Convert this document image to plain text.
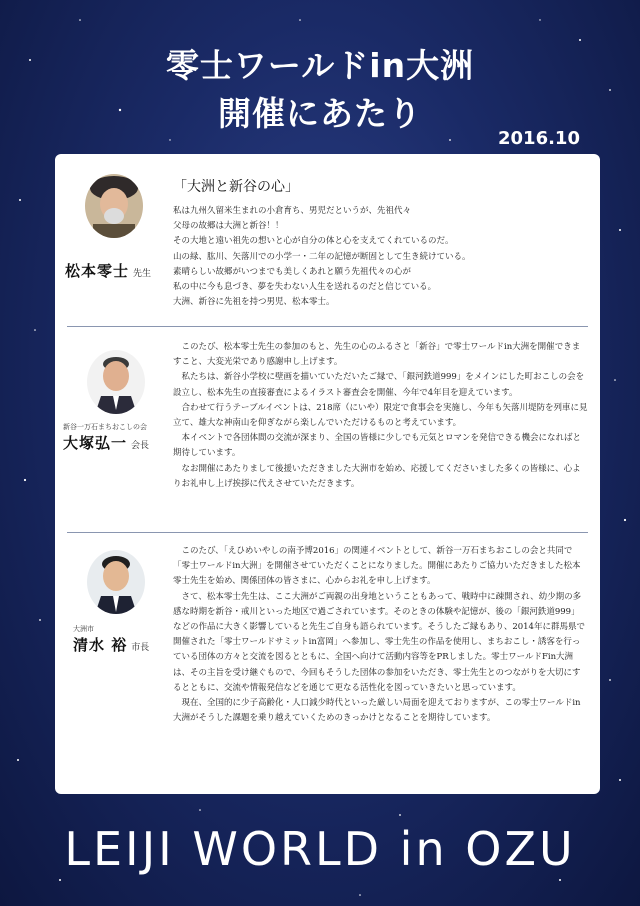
零士ワールドin大洲
開催にあたり
2016.10
松本零士 先生
「大洲と新谷の心」

私は九州久留米生まれの小倉育ち、男児だというが、先祖代々

父母の故郷は大洲と新谷！！

その大地と遠い祖先の想いと心が自分の体と心を支えてくれているのだ。

山の緑、肱川、矢落川での小学一・二年の記憶が断固として生き続けている。

素晴らしい故郷がいつまでも美しくあれと願う先祖代々の心が

私の中に今も息づき、夢を失わない人生を送れるのだと信じている。

大洲、新谷に先祖を持つ男児、松本零士。

新谷一万石まちおこしの会
大塚弘一 会長

　このたび、松本零士先生の参加のもと、先生の心のふるさと「新谷」で零士ワールドin大洲を開催できますこと、大変光栄であり感謝申し上げます。

　私たちは、新谷小学校に壁画を描いていただいたご縁で、「銀河鉄道999」をメインにした町おこしの会を設立し、松本先生の直接審査によるイラスト審査会を開催、今年で4年目を迎えています。

　合わせて行うテーブルイベントは、218席（にいや）限定で食事会を実施し、今年も矢落川堤防を列車に見立て、雄大な神南山を仰ぎながら楽しんでいただけるものと考えています。

　本イベントで各団体間の交流が深まり、全国の皆様に少しでも元気とロマンを発信できる機会になればと期待しています。

　なお開催にあたりまして後援いただきました大洲市を始め、応援してくださいました多くの皆様に、心よりお礼申し上げ挨拶に代えさせていただきます。

大洲市
清水 裕 市長

　このたび、「えひめいやしの南予博2016」の関連イベントとして、新谷一万石まちおこしの会と共同で「零士ワールドin大洲」を開催させていただくことになりました。開催にあたりご協力いただきました松本零士先生を始め、関係団体の皆さまに、心からお礼を申し上げます。

　さて、松本零士先生は、ここ大洲がご両親の出身地ということもあって、戦時中に疎開され、幼少期の多感な時期を新谷・戒川といった地区で過ごされています。そのときの体験や記憶が、後の「銀河鉄道999」などの作品に大きく影響していると先生ご自身も語られています。そうしたご縁もあり、2014年に群馬県で開催された「零士ワールドサミットin富岡」へ参加し、零士先生の作品を使用し、まちおこし・誘客を行っている団体の方々と交流を図るとともに、全国へ向けて活動内容等をPRしました。零士ワールドFin大洲は、その主旨を受け継ぐもので、今回もそうした団体の参加をいただき、零士先生とのつながりを大切にするとともに、交流や情報発信などを通じて更なる活性化を図っていきたいと思っています。

　現在、全国的に少子高齢化・人口減少時代といった厳しい局面を迎えておりますが、この零士ワールドin大洲がそうした課題を乗り越えていくためのきっかけとなることを期待しています。

LEIJI WORLD in OZU
